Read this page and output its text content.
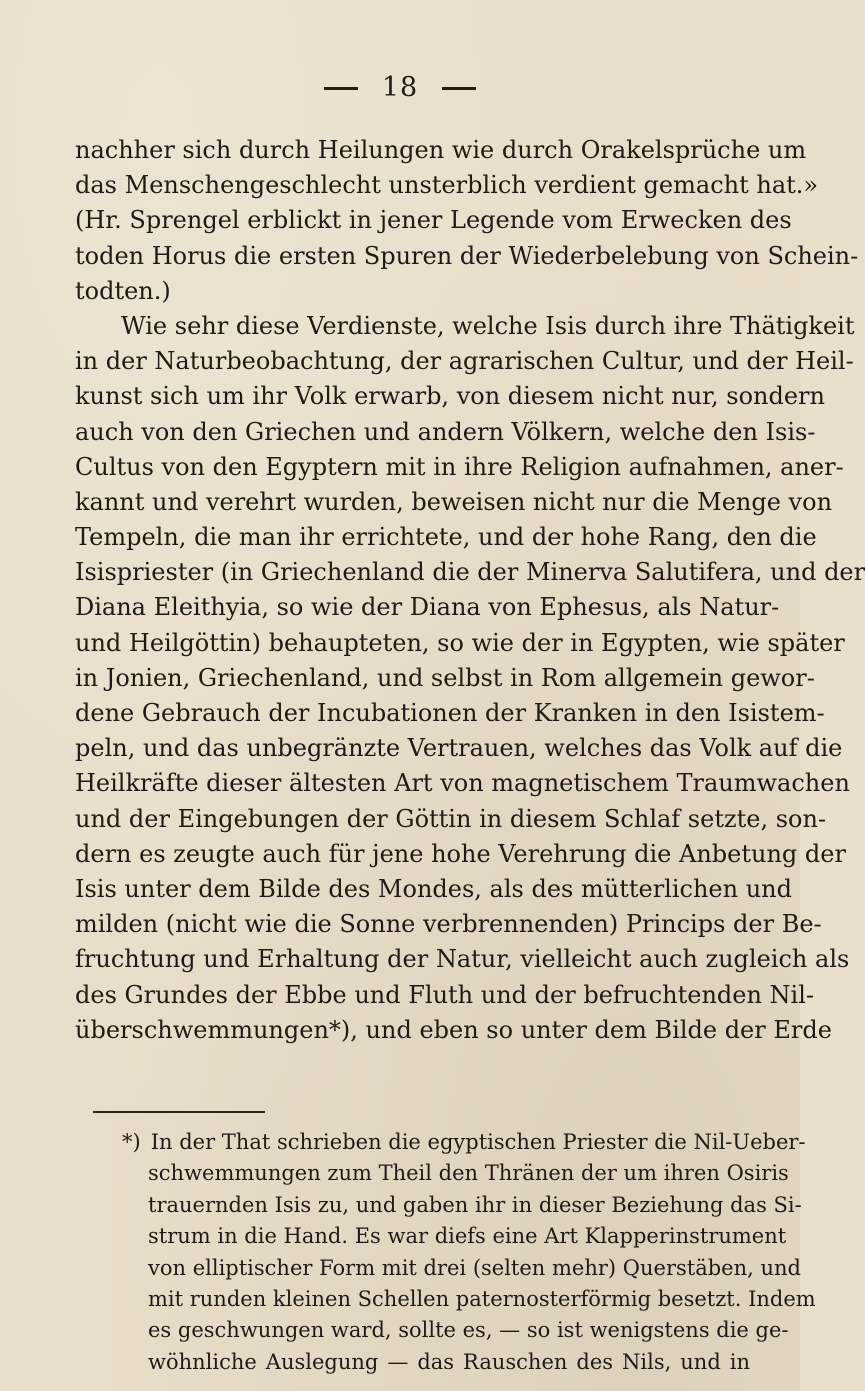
18
nachher sich durch Heilungen wie durch Orakelsprüche um
das Menschengeschlecht unsterblich verdient gemacht hat.»
(Hr. Sprengel erblickt in jener Legende vom Erwecken des
toden Horus die ersten Spuren der Wiederbelebung von Schein-
todten.)
Wie sehr diese Verdienste, welche Isis durch ihre Thätigkeit
in der Naturbeobachtung, der agrarischen Cultur, und der Heil-
kunst sich um ihr Volk erwarb, von diesem nicht nur, sondern
auch von den Griechen und andern Völkern, welche den Isis-
Cultus von den Egyptern mit in ihre Religion aufnahmen, aner-
kannt und verehrt wurden, beweisen nicht nur die Menge von
Tempeln, die man ihr errichtete, und der hohe Rang, den die
Isispriester (in Griechenland die der Minerva Salutifera, und der
Diana Eleithyia, so wie der Diana von Ephesus, als Natur-
und Heilgöttin) behaupteten, so wie der in Egypten, wie später
in Jonien, Griechenland, und selbst in Rom allgemein gewor-
dene Gebrauch der Incubationen der Kranken in den Isistem-
peln, und das unbegränzte Vertrauen, welches das Volk auf die
Heilkräfte dieser ältesten Art von magnetischem Traumwachen
und der Eingebungen der Göttin in diesem Schlaf setzte, son-
dern es zeugte auch für jene hohe Verehrung die Anbetung der
Isis unter dem Bilde des Mondes, als des mütterlichen und
milden (nicht wie die Sonne verbrennenden) Princips der Be-
fruchtung und Erhaltung der Natur, vielleicht auch zugleich als
des Grundes der Ebbe und Fluth und der befruchtenden Nil-
überschwemmungen*), und eben so unter dem Bilde der Erde
*) In der That schrieben die egyptischen Priester die Nil-Ueber-
schwemmungen zum Theil den Thränen der um ihren Osiris
trauernden Isis zu, und gaben ihr in dieser Beziehung das Si-
strum in die Hand. Es war diefs eine Art Klapperinstrument
von elliptischer Form mit drei (selten mehr) Querstäben, und
mit runden kleinen Schellen paternosterförmig besetzt. Indem
es geschwungen ward, sollte es, — so ist wenigstens die ge-
wöhnliche Auslegung — das Rauschen des Nils, und in
